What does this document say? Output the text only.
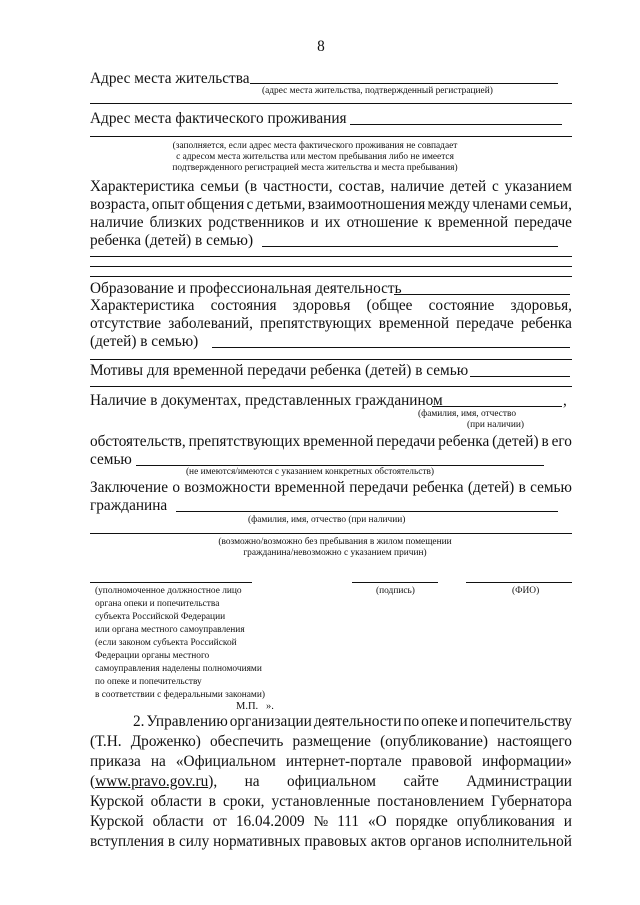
8
Адрес места жительства
(адрес места жительства, подтвержденный регистрацией)
Адрес места фактического проживания
(заполняется, если адрес места фактического проживания не совпадает
с адресом места жительства или местом пребывания либо не имеется
подтвержденного регистрацией места жительства и места пребывания)
Характеристика семьи (в частности, состав, наличие детей с указанием
возраста, опыт общения с детьми, взаимоотношения между членами семьи,
наличие близких родственников и их отношение к временной передаче
ребенка (детей) в семью)
Образование и профессиональная деятельность
Характеристика состояния здоровья (общее состояние здоровья,
отсутствие заболеваний, препятствующих временной передаче ребенка
(детей) в семью)
Мотивы для временной передачи ребенка (детей) в семью
Наличие в документах, представленных гражданином	,
(фамилия, имя, отчество
(при наличии)
обстоятельств, препятствующих временной передачи ребенка (детей) в его
семью
(не имеются/имеются с указанием конкретных обстоятельств)
Заключение о возможности временной передачи ребенка (детей) в семью
гражданина
(фамилия, имя, отчество (при наличии)
(возможно/возможно без пребывания в жилом помещении
гражданина/невозможно с указанием причин)
(уполномоченное должностное лицо
органа опеки и попечительства
субъекта Российской Федерации
или органа местного самоуправления
(если законом субъекта Российской
Федерации органы местного
самоуправления наделены полномочиями
по опеке и попечительству
в соответствии с федеральными законами)
(подпись)	(ФИО)
М.П. ».
2. Управлению организации деятельности по опеке и попечительству
(Т.Н. Дроженко) обеспечить размещение (опубликование) настоящего
приказа на «Официальном интернет-портале правовой информации»
(www.pravo.gov.ru), на официальном сайте Администрации
Курской области в сроки, установленные постановлением Губернатора
Курской области от 16.04.2009 № 111 «О порядке опубликования и
вступления в силу нормативных правовых актов органов исполнительной
